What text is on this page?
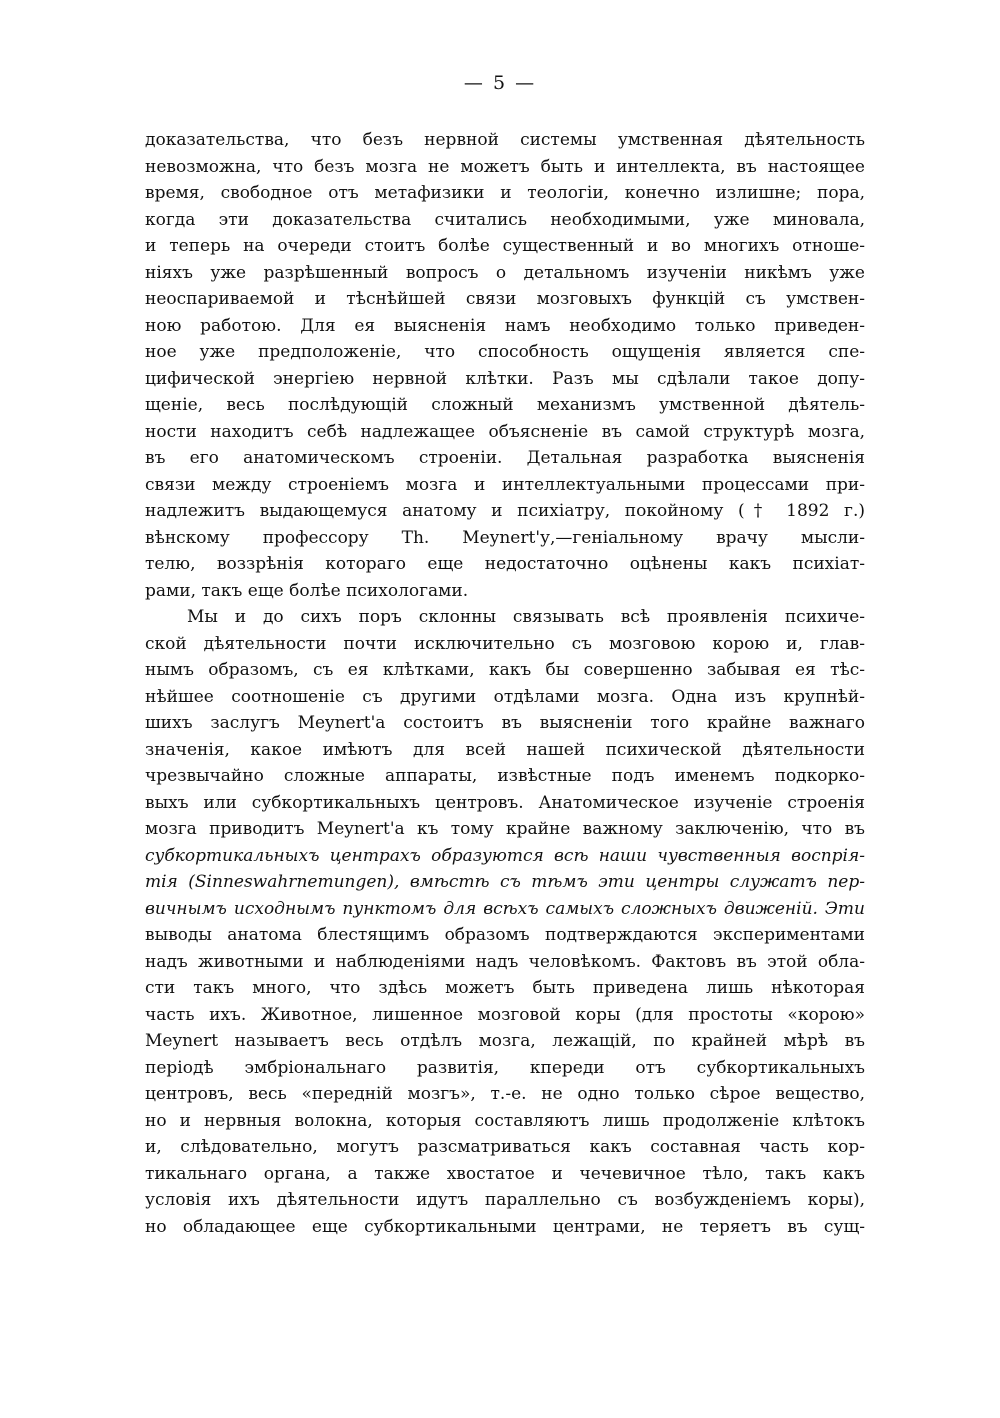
— 5 —
доказательства, что безъ нервной системы умственная дѣятельность
невозможна, что безъ мозга не можетъ быть и интеллекта, въ настоящее
время, свободное отъ метафизики и теологіи, конечно излишне; пора,
когда эти доказательства считались необходимыми, уже миновала,
и теперь на очереди стоитъ болѣе существенный и во многихъ отноше-
ніяхъ уже разрѣшенный вопросъ о детальномъ изученіи никѣмъ уже
неоспариваемой и тѣснѣйшей связи мозговыхъ функцій съ умствен-
ною работою. Для ея выясненія намъ необходимо только приведен-
ное уже предположеніе, что способность ощущенія является спе-
цифической энергіею нервной клѣтки. Разъ мы сдѣлали такое допу-
щеніе, весь послѣдующій сложный механизмъ умственной дѣятель-
ности находитъ себѣ надлежащее объясненіе въ самой структурѣ мозга,
въ его анатомическомъ строеніи. Детальная разработка выясненія
связи между строеніемъ мозга и интеллектуальными процессами при-
надлежитъ выдающемуся анатому и психіатру, покойному († 1892 г.)
вѣнскому профессору Th. Meynert'у,—геніальному врачу мысли-
телю, воззрѣнія котораго еще недостаточно оцѣнены какъ психіат-
рами, такъ еще болѣе психологами.
Мы и до сихъ поръ склонны связывать всѣ проявленія психиче-
ской дѣятельности почти исключительно съ мозговою корою и, глав-
нымъ образомъ, съ ея клѣтками, какъ бы совершенно забывая ея тѣс-
нѣйшее соотношеніе съ другими отдѣлами мозга. Одна изъ крупнѣй-
шихъ заслугъ Meynert'а состоитъ въ выясненіи того крайне важнаго
значенія, какое имѣютъ для всей нашей психической дѣятельности
чрезвычайно сложные аппараты, извѣстные подъ именемъ подкорко-
выхъ или субкортикальныхъ центровъ. Анатомическое изученіе строенія
мозга приводитъ Meynert'а къ тому крайне важному заключенію, что въ
субкортикальныхъ центрахъ образуются всѣ наши чувственныя воспрія-
тія (Sinneswahrnemungen), вмѣстѣ съ тѣмъ эти центры служатъ пер-
вичнымъ исходнымъ пунктомъ для всѣхъ самыхъ сложныхъ движеній. Эти
выводы анатома блестящимъ образомъ подтверждаются экспериментами
надъ животными и наблюденіями надъ человѣкомъ. Фактовъ въ этой обла-
сти такъ много, что здѣсь можетъ быть приведена лишь нѣкоторая
часть ихъ. Животное, лишенное мозговой коры (для простоты «корою»
Meynert называетъ весь отдѣлъ мозга, лежащій, по крайней мѣрѣ въ
періодѣ эмбріональнаго развитія, кпереди отъ субкортикальныхъ
центровъ, весь «передній мозгъ», т.-е. не одно только сѣрое вещество,
но и нервныя волокна, которыя составляютъ лишь продолженіе клѣтокъ
и, слѣдовательно, могутъ разсматриваться какъ составная часть кор-
тикальнаго органа, а также хвостатое и чечевичное тѣло, такъ какъ
условія ихъ дѣятельности идутъ параллельно съ возбужденіемъ коры),
но обладающее еще субкортикальными центрами, не теряетъ въ сущ-
